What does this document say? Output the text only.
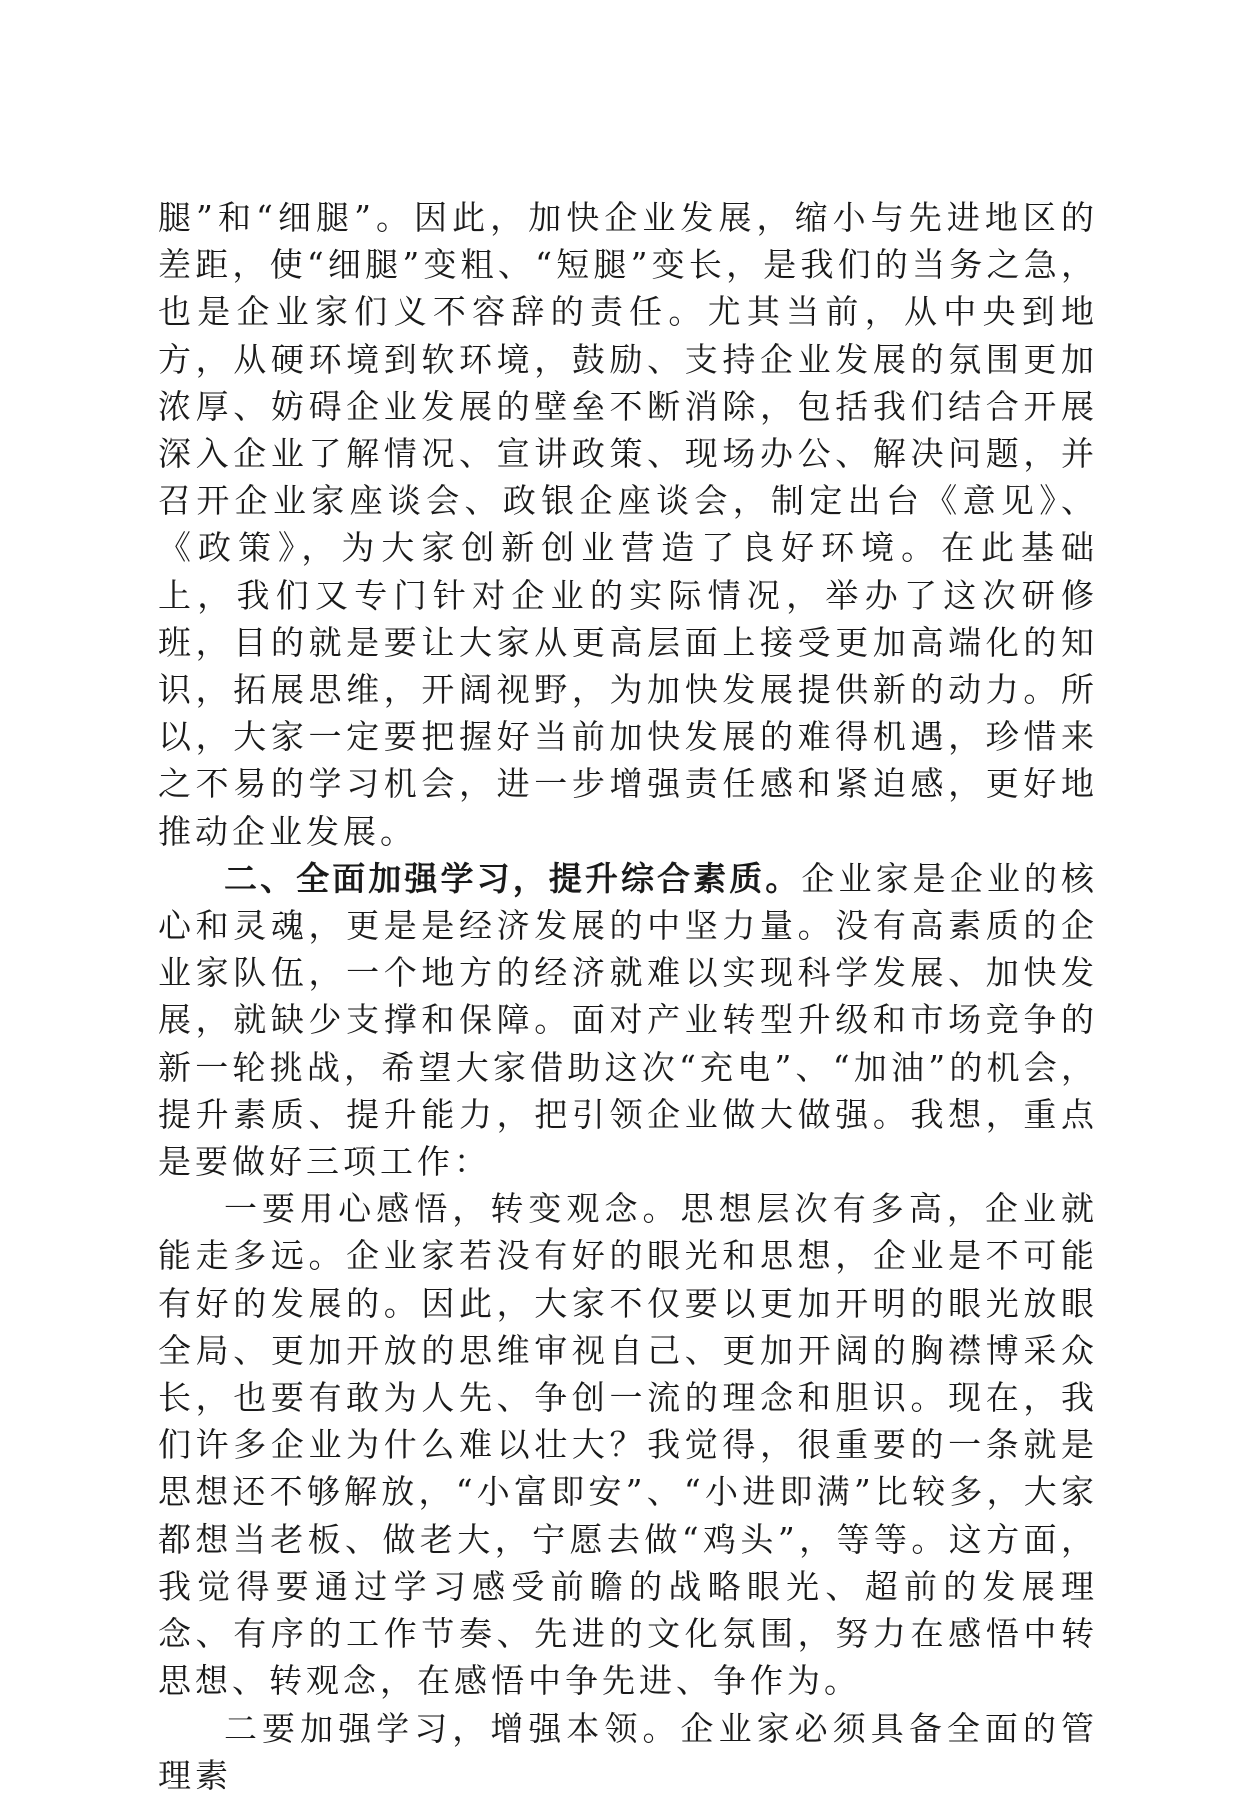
腿”和“细腿”。因此，加快企业发展，缩小与先进地区的差距，使“细腿”变粗、“短腿”变长，是我们的当务之急，也是企业家们义不容辞的责任。尤其当前，从中央到地方，从硬环境到软环境，鼓励、支持企业发展的氛围更加浓厚、妨碍企业发展的壁垒不断消除，包括我们结合开展深入企业了解情况、宣讲政策、现场办公、解决问题，并召开企业家座谈会、政银企座谈会，制定出台《意见》、《政策》，为大家创新创业营造了良好环境。在此基础上，我们又专门针对企业的实际情况，举办了这次研修班，目的就是要让大家从更高层面上接受更加高端化的知识，拓展思维，开阔视野，为加快发展提供新的动力。所以，大家一定要把握好当前加快发展的难得机遇，珍惜来之不易的学习机会，进一步增强责任感和紧迫感，更好地推动企业发展。

二、全面加强学习，提升综合素质。企业家是企业的核心和灵魂，更是是经济发展的中坚力量。没有高素质的企业家队伍，一个地方的经济就难以实现科学发展、加快发展，就缺少支撑和保障。面对产业转型升级和市场竞争的新一轮挑战，希望大家借助这次“充电”、“加油”的机会，提升素质、提升能力，把引领企业做大做强。我想，重点是要做好三项工作：

一要用心感悟，转变观念。思想层次有多高，企业就能走多远。企业家若没有好的眼光和思想，企业是不可能有好的发展的。因此，大家不仅要以更加开明的眼光放眼全局、更加开放的思维审视自己、更加开阔的胸襟博采众长，也要有敢为人先、争创一流的理念和胆识。现在，我们许多企业为什么难以壮大？我觉得，很重要的一条就是思想还不够解放，“小富即安”、“小进即满”比较多，大家都想当老板、做老大，宁愿去做“鸡头”，等等。这方面，我觉得要通过学习感受前瞻的战略眼光、超前的发展理念、有序的工作节奏、先进的文化氛围，努力在感悟中转思想、转观念，在感悟中争先进、争作为。

二要加强学习，增强本领。企业家必须具备全面的管理素
